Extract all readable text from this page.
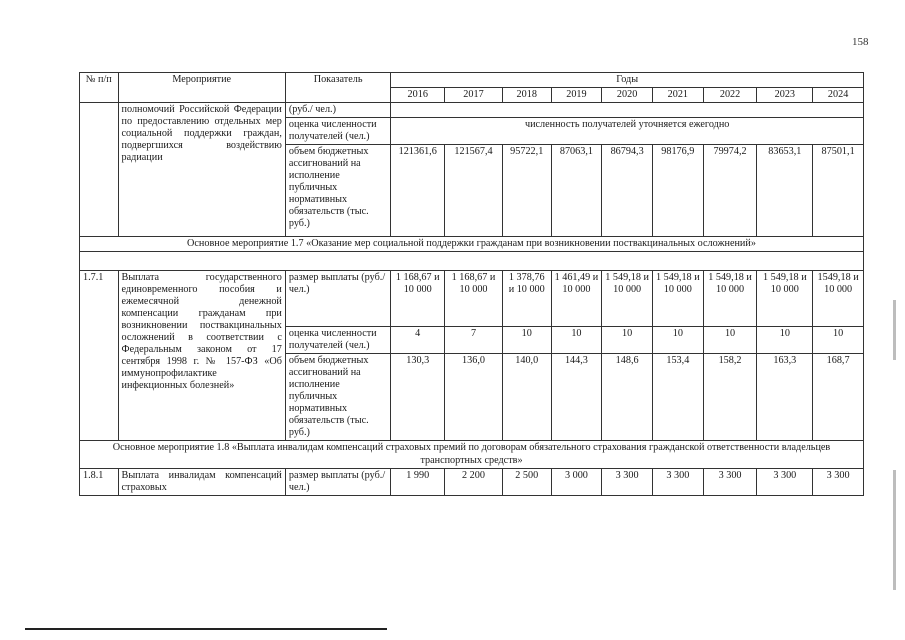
158
№ п/п	Мероприятие	Показатель	Годы								
			2016	2017	2018	2019	2020	2021	2022	2023	2024
	полномочий Российской Федерации по предоставлению отдельных мер социальной поддержки граждан, подвергшихся воздействию радиации	(руб./ чел.)									
		оценка численности получателей (чел.)	численность получателей уточняется ежегодно								
		объем бюджетных ассигнований на исполнение публичных нормативных обязательств (тыс. руб.)	121361,6	121567,4	95722,1	87063,1	86794,3	98176,9	79974,2	83653,1	87501,1
Основное мероприятие 1.7 «Оказание мер социальной поддержки гражданам при возникновении поствакцинальных осложнений»											

1.7.1	Выплата государственного единовременного пособия и ежемесячной денежной компенсации гражданам при возникновении поствакцинальных осложнений в соответствии с Федеральным законом от 17 сентября 1998 г. № 157-ФЗ «Об иммунопрофилактике инфекционных болезней»	размер выплаты (руб./ чел.)	1 168,67 и 10 000	1 168,67 и 10 000	1 378,76 и 10 000	1 461,49 и 10 000	1 549,18 и 10 000	1 549,18 и 10 000	1 549,18 и 10 000	1 549,18 и 10 000	1549,18 и 10 000
		оценка численности получателей (чел.)	4	7	10	10	10	10	10	10	10
		объем бюджетных ассигнований на исполнение публичных нормативных обязательств (тыс. руб.)	130,3	136,0	140,0	144,3	148,6	153,4	158,2	163,3	168,7
Основное мероприятие 1.8 «Выплата инвалидам компенсаций страховых премий по договорам обязательного страхования гражданской ответственности владельцев транспортных средств»											
1.8.1	Выплата инвалидам компенсаций страховых	размер выплаты (руб./ чел.)	1 990	2 200	2 500	3 000	3 300	3 300	3 300	3 300	3 300
